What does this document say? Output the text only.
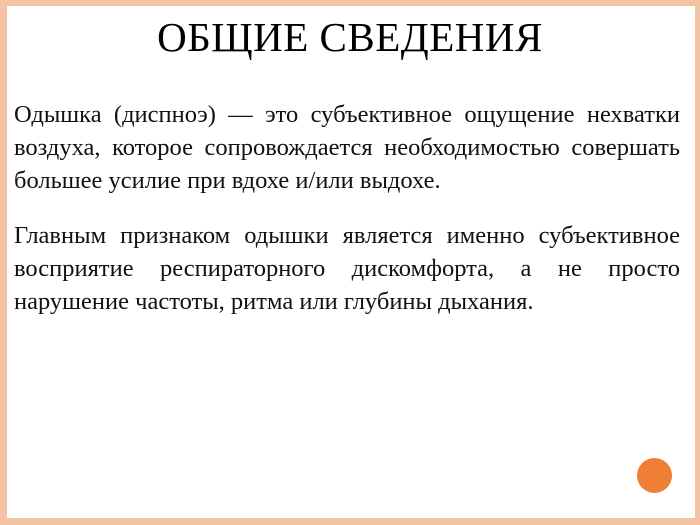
ОБЩИЕ СВЕДЕНИЯ

Одышка (диспноэ) — это субъективное ощущение нехватки воздуха, которое сопровождается необходимостью совершать большее усилие при вдохе и/или выдохе.

Главным признаком одышки является именно субъективное восприятие респираторного дискомфорта, а не просто нарушение частоты, ритма или глубины дыхания.
